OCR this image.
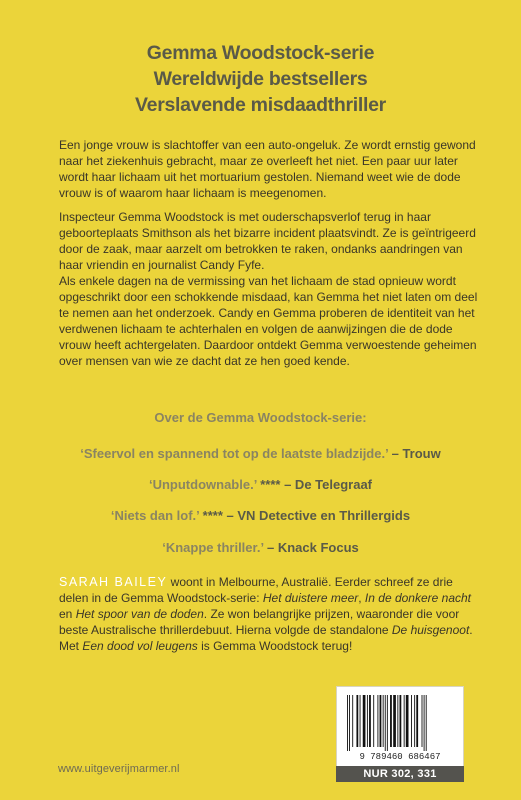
Gemma Woodstock-serie
Wereldwijde bestsellers
Verslavende misdaadthriller

Een jonge vrouw is slachtoffer van een auto-ongeluk. Ze wordt ernstig gewond naar het ziekenhuis gebracht, maar ze overleeft het niet. Een paar uur later wordt haar lichaam uit het mortuarium gestolen. Niemand weet wie de dode vrouw is of waarom haar lichaam is meegenomen.

Inspecteur Gemma Woodstock is met ouderschapsverlof terug in haar geboorteplaats Smithson als het bizarre incident plaatsvindt. Ze is geïntrigeerd door de zaak, maar aarzelt om betrokken te raken, ondanks aandringen van haar vriendin en journalist Candy Fyfe.

Als enkele dagen na de vermissing van het lichaam de stad opnieuw wordt opgeschrikt door een schokkende misdaad, kan Gemma het niet laten om deel te nemen aan het onderzoek. Candy en Gemma proberen de identiteit van het verdwenen lichaam te achterhalen en volgen de aanwijzingen die de dode vrouw heeft achtergelaten. Daardoor ontdekt Gemma verwoestende geheimen over mensen van wie ze dacht dat ze hen goed kende.

Over de Gemma Woodstock-serie:
‘Sfeervol en spannend tot op de laatste bladzijde.’ – Trouw
‘Unputdownable.’ **** – De Telegraaf
‘Niets dan lof.’ **** – VN Detective en Thrillergids
‘Knappe thriller.’ – Knack Focus
SARAH BAILEY woont in Melbourne, Australië. Eerder schreef ze drie delen in de Gemma Woodstock-serie: Het duistere meer, In de donkere nacht en Het spoor van de doden. Ze won belangrijke prijzen, waaronder die voor beste Australische thrillerdebuut. Hierna volgde de standalone De huisgenoot. Met Een dood vol leugens is Gemma Woodstock terug!
www.uitgeverijmarmer.nl
9 789460 686467
NUR 302, 331
